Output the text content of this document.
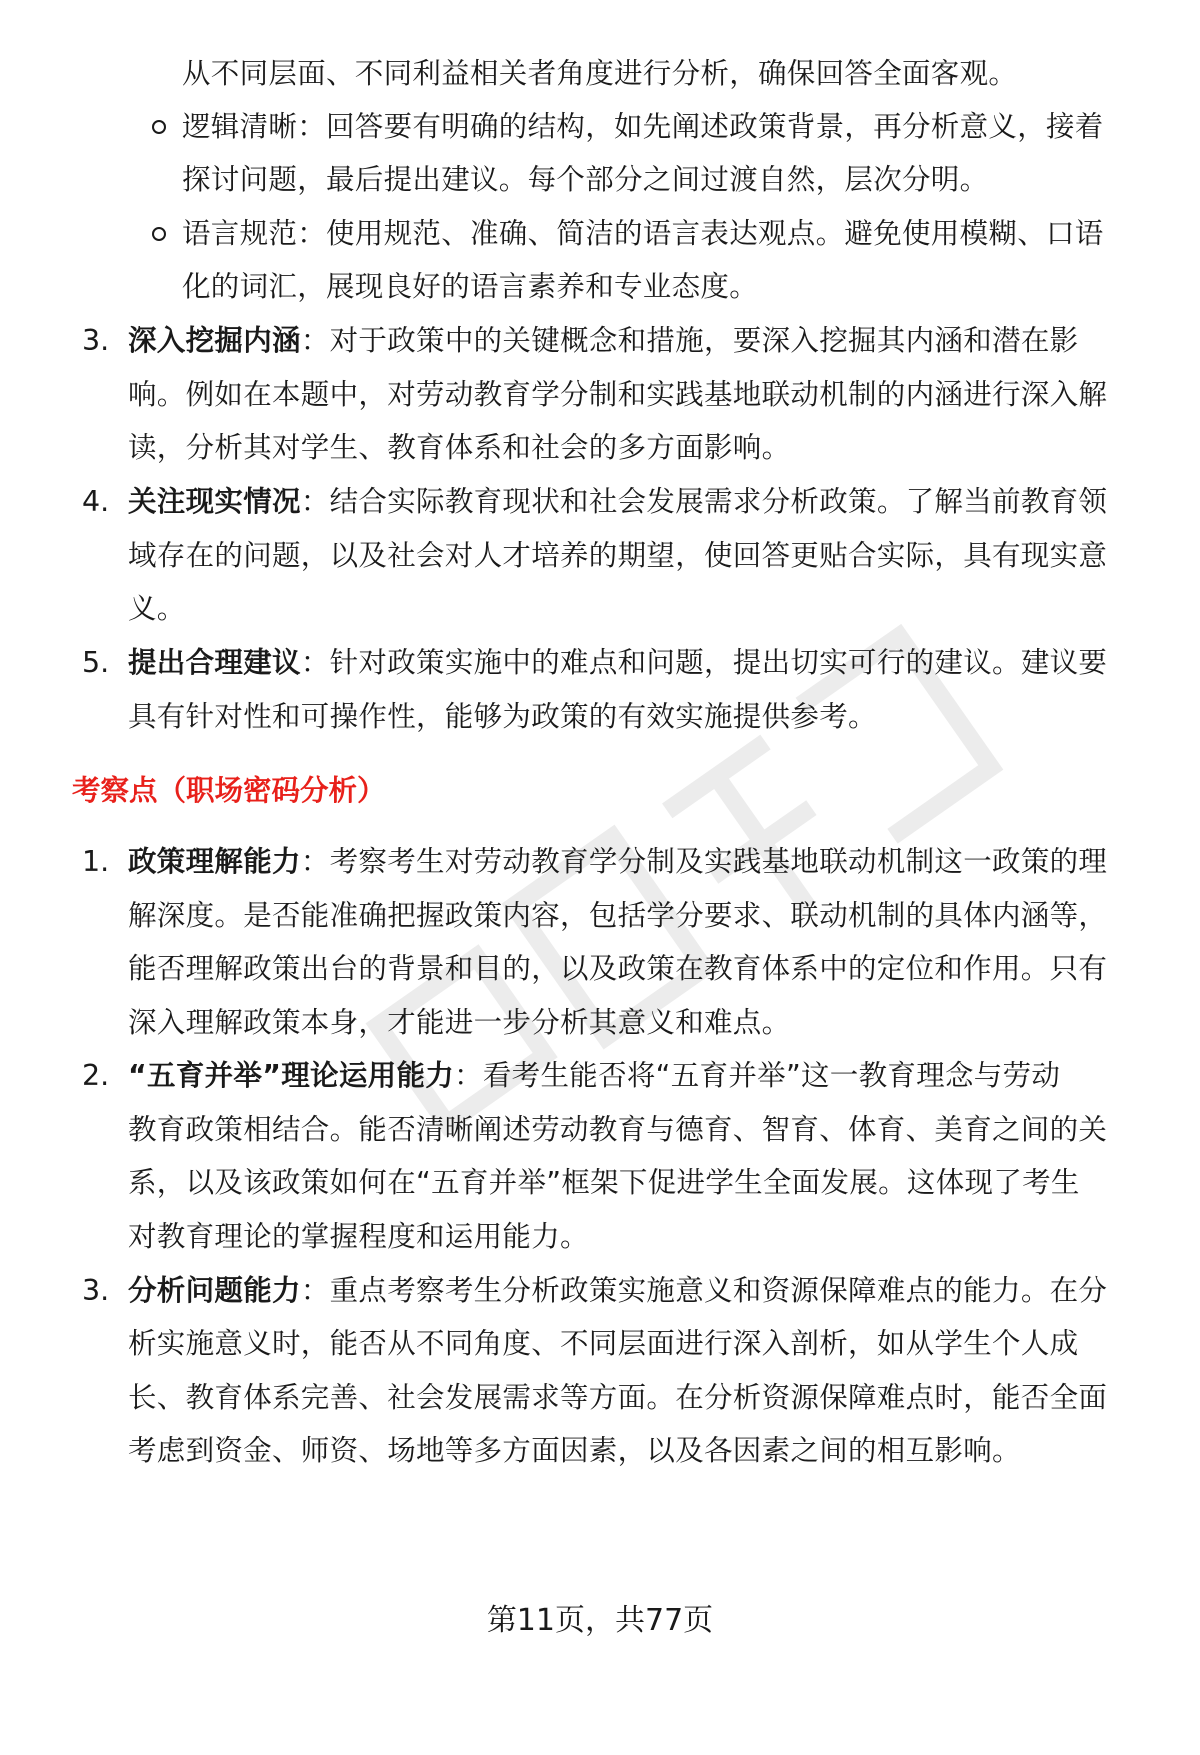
从不同层面、不同利益相关者角度进行分析，确保回答全面客观。
逻辑清晰：回答要有明确的结构，如先阐述政策背景，再分析意义，接着
探讨问题，最后提出建议。每个部分之间过渡自然，层次分明。
语言规范：使用规范、准确、简洁的语言表达观点。避免使用模糊、口语
化的词汇，展现良好的语言素养和专业态度。
3. 深入挖掘内涵：对于政策中的关键概念和措施，要深入挖掘其内涵和潜在影
响。例如在本题中，对劳动教育学分制和实践基地联动机制的内涵进行深入解
读，分析其对学生、教育体系和社会的多方面影响。
4. 关注现实情况：结合实际教育现状和社会发展需求分析政策。了解当前教育领
域存在的问题，以及社会对人才培养的期望，使回答更贴合实际，具有现实意
义。
5. 提出合理建议：针对政策实施中的难点和问题，提出切实可行的建议。建议要
具有针对性和可操作性，能够为政策的有效实施提供参考。
考察点（职场密码分析）
1. 政策理解能力：考察考生对劳动教育学分制及实践基地联动机制这一政策的理
解深度。是否能准确把握政策内容，包括学分要求、联动机制的具体内涵等，
能否理解政策出台的背景和目的，以及政策在教育体系中的定位和作用。只有
深入理解政策本身，才能进一步分析其意义和难点。
2. “五育并举”理论运用能力：看考生能否将“五育并举”这一教育理念与劳动
教育政策相结合。能否清晰阐述劳动教育与德育、智育、体育、美育之间的关
系，以及该政策如何在“五育并举”框架下促进学生全面发展。这体现了考生
对教育理论的掌握程度和运用能力。
3. 分析问题能力：重点考察考生分析政策实施意义和资源保障难点的能力。在分
析实施意义时，能否从不同角度、不同层面进行深入剖析，如从学生个人成
长、教育体系完善、社会发展需求等方面。在分析资源保障难点时，能否全面
考虑到资金、师资、场地等多方面因素，以及各因素之间的相互影响。
第11页，共77页
